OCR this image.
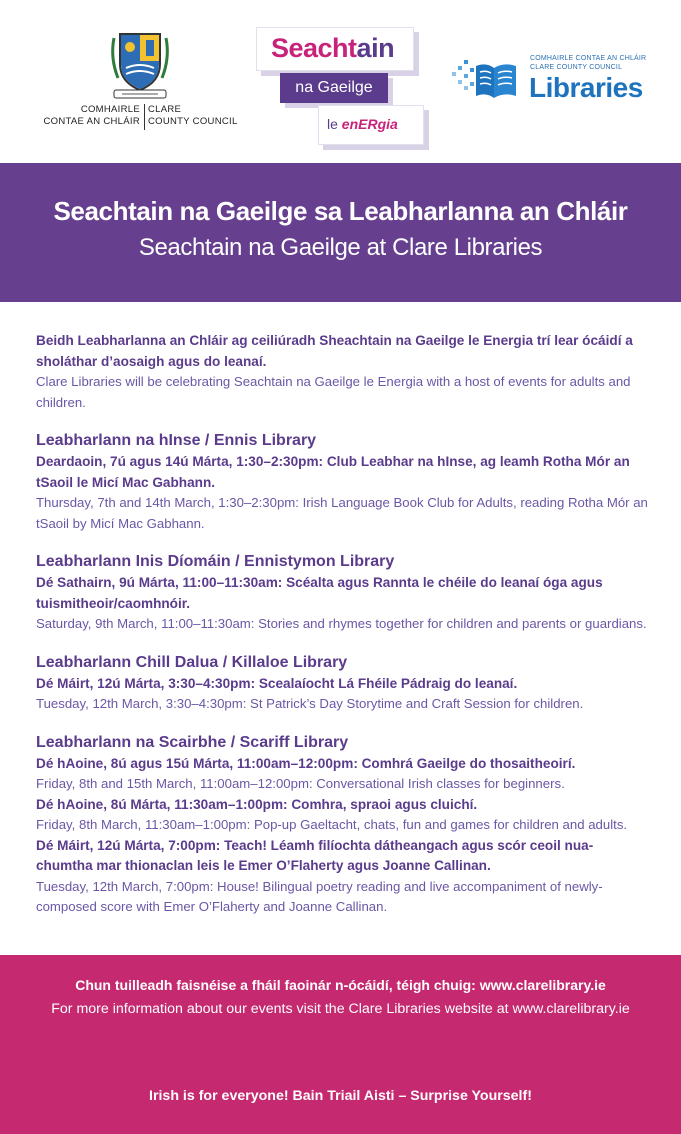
COMHAIRLE
CONTAE AN CHLÁIR
CLARE
COUNTY COUNCIL
Seachtain
na Gaeilge
le enERgia
COMHAIRLE CONTAE AN CHLÁIR
CLARE COUNTY COUNCIL
Libraries
Seachtain na Gaeilge sa Leabharlanna an Chláir
Seachtain na Gaeilge at Clare Libraries
Beidh Leabharlanna an Chláir ag ceiliúradh Sheachtain na Gaeilge le Energia trí lear ócáidí a sholáthar d’aosaigh agus do leanaí.
Clare Libraries will be celebrating Seachtain na Gaeilge le Energia with a host of events for adults and children.
Leabharlann na hInse / Ennis Library
Deardaoin, 7ú agus 14ú Márta, 1:30–2:30pm: Club Leabhar na hInse, ag leamh Rotha Mór an tSaoil le Micí Mac Gabhann.
Thursday, 7th and 14th March, 1:30–2:30pm: Irish Language Book Club for Adults, reading Rotha Mór an tSaoil by Micí Mac Gabhann.
Leabharlann Inis Díomáin / Ennistymon Library
Dé Sathairn, 9ú Márta, 11:00–11:30am: Scéalta agus Rannta le chéile do leanaí óga agus tuismitheoir/caomhnóir.
Saturday, 9th March, 11:00–11:30am: Stories and rhymes together for children and parents or guardians.
Leabharlann Chill Dalua / Killaloe Library
Dé Máirt, 12ú Márta, 3:30–4:30pm: Scealaíocht Lá Fhéile Pádraig do leanaí.
Tuesday, 12th March, 3:30–4:30pm: St Patrick’s Day Storytime and Craft Session for children.
Leabharlann na Scairbhe / Scariff Library
Dé hAoine, 8ú agus 15ú Márta, 11:00am–12:00pm: Comhrá Gaeilge do thosaitheoirí.
Friday, 8th and 15th March, 11:00am–12:00pm: Conversational Irish classes for beginners.
Dé hAoine, 8ú Márta, 11:30am–1:00pm: Comhra, spraoi agus cluichí.
Friday, 8th March, 11:30am–1:00pm: Pop-up Gaeltacht, chats, fun and games for children and adults.
Dé Máirt, 12ú Márta, 7:00pm: Teach! Léamh filíochta dátheangach agus scór ceoil nua-chumtha mar thionaclan leis le Emer O’Flaherty agus Joanne Callinan.
Tuesday, 12th March, 7:00pm: House! Bilingual poetry reading and live accompaniment of newly-composed score with Emer O’Flaherty and Joanne Callinan.
Chun tuilleadh faisnéise a fháil faoinár n-ócáidí, téigh chuig: www.clarelibrary.ie
For more information about our events visit the Clare Libraries website at www.clarelibrary.ie
Irish is for everyone! Bain Triail Aisti – Surprise Yourself!
